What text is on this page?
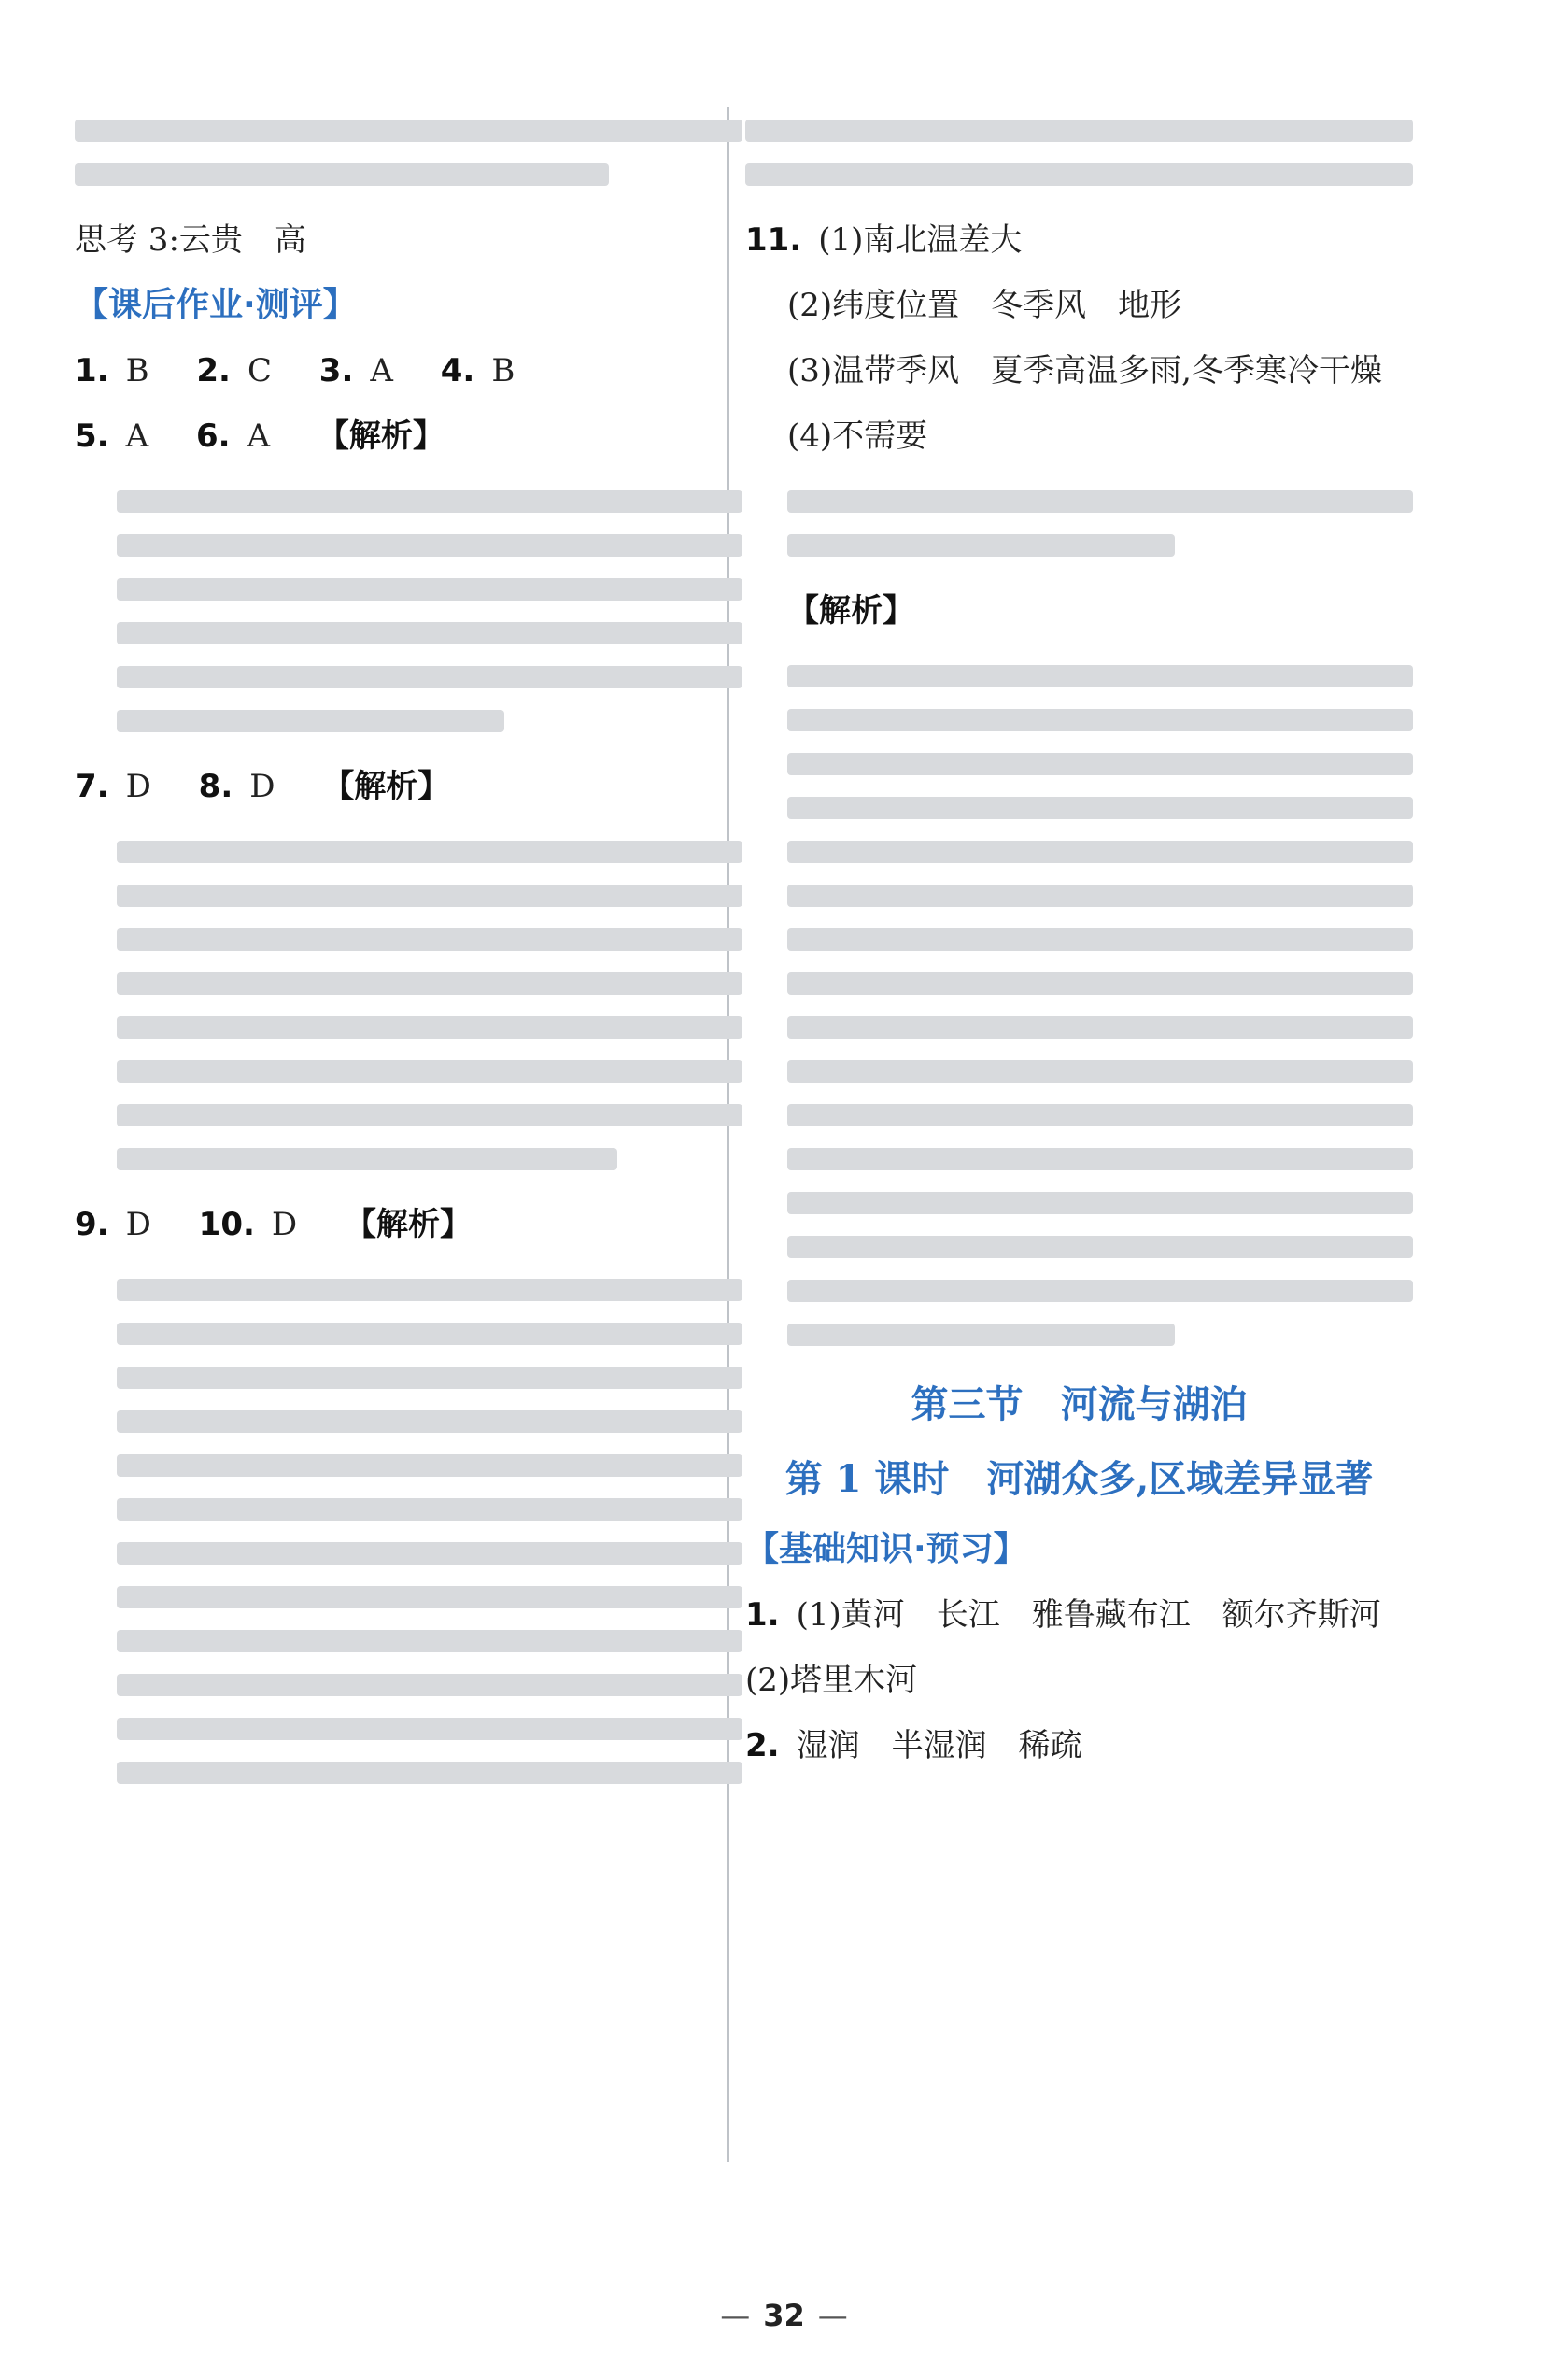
思考 3:云贵　 高
【课后作业·测评】
1. B 2. C 3. A 4. B
5. A 6. A 【解析】
7. D 8. D 【解析】
9. D 10. D 【解析】
11. (1)南北温差大
(2)纬度位置　冬季风　地形
(3)温带季风　夏季高温多雨,冬季寒冷干燥
(4)不需要
【解析】
第三节　河流与湖泊
第 1 课时　河湖众多,区域差异显著
【基础知识·预习】
1. (1)黄河　长江　雅鲁藏布江　额尔齐斯河
(2)塔里木河
2. 湿润　半湿润　稀疏
— 32 —
